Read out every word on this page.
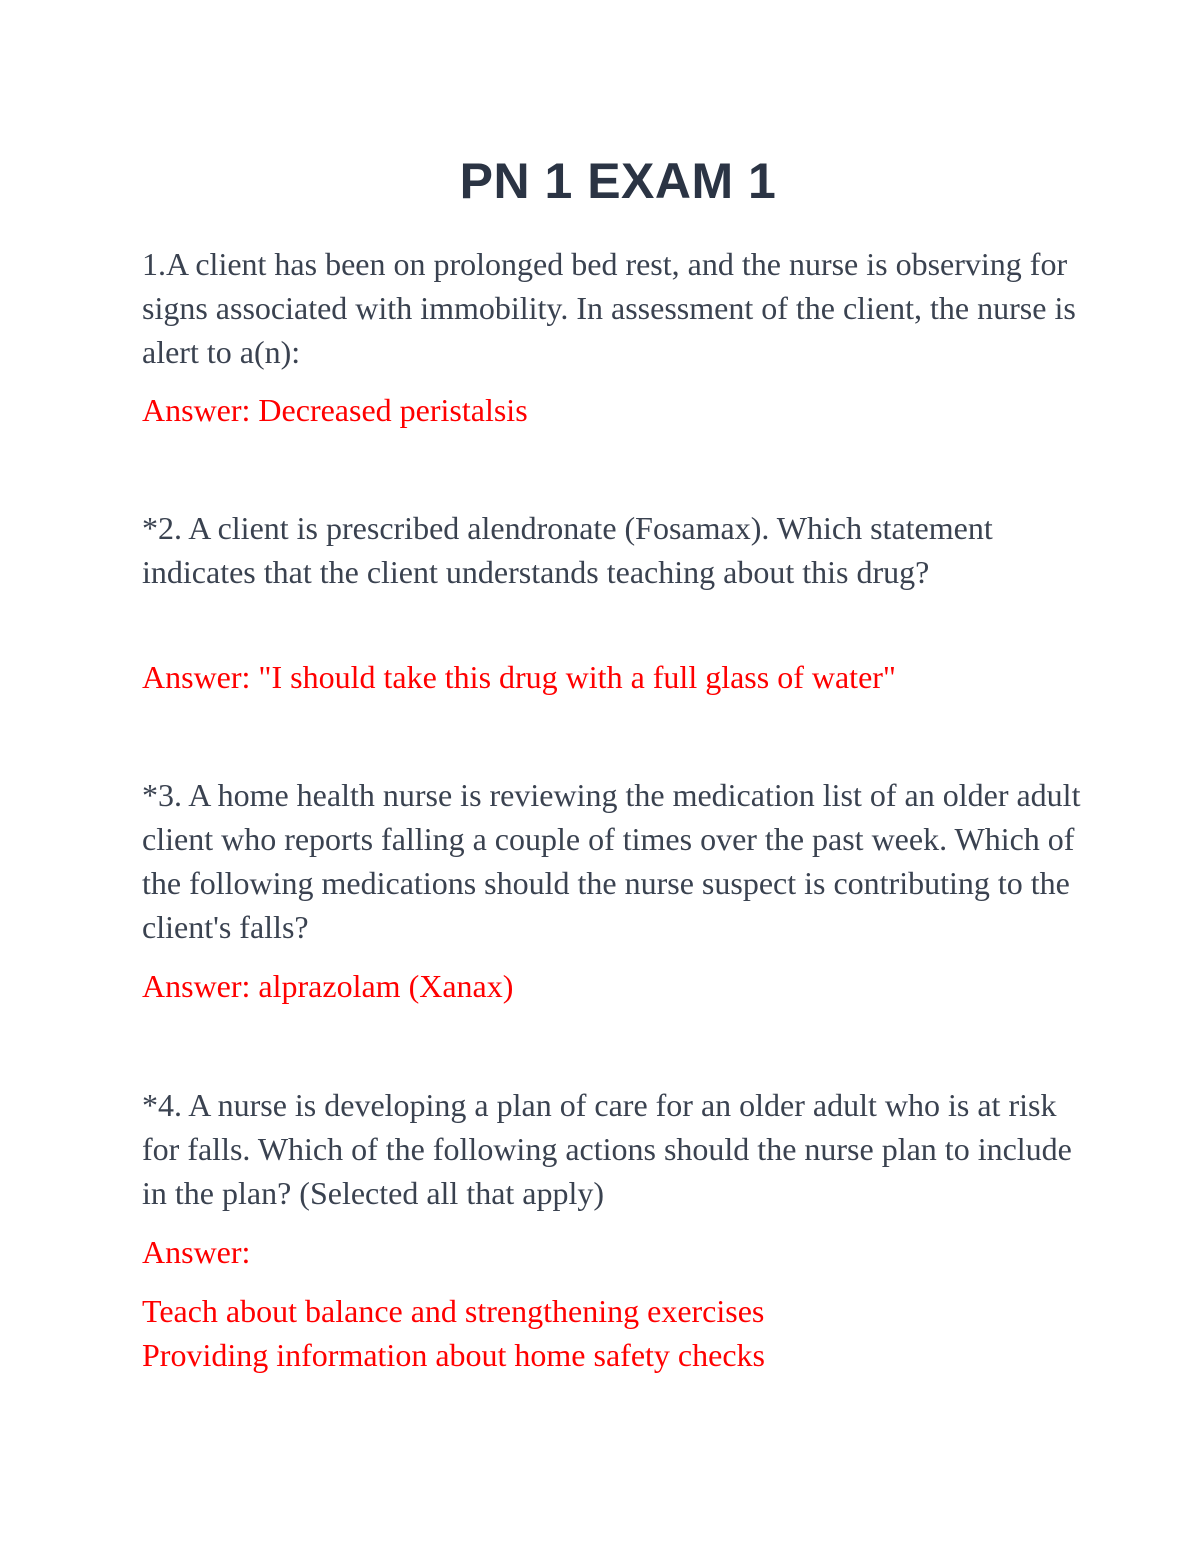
PN 1 EXAM 1

1.A client has been on prolonged bed rest, and the nurse is observing for signs associated with immobility. In assessment of the client, the nurse is alert to a(n):

Answer: Decreased peristalsis

*2. A client is prescribed alendronate (Fosamax). Which statement indicates that the client understands teaching about this drug?

Answer: "I should take this drug with a full glass of water"

*3. A home health nurse is reviewing the medication list of an older adult client who reports falling a couple of times over the past week. Which of the following medications should the nurse suspect is contributing to the client's falls?

Answer: alprazolam (Xanax)

*4. A nurse is developing a plan of care for an older adult who is at risk for falls. Which of the following actions should the nurse plan to include in the plan? (Selected all that apply)

Answer:

Teach about balance and strengthening exercises

Providing information about home safety checks
